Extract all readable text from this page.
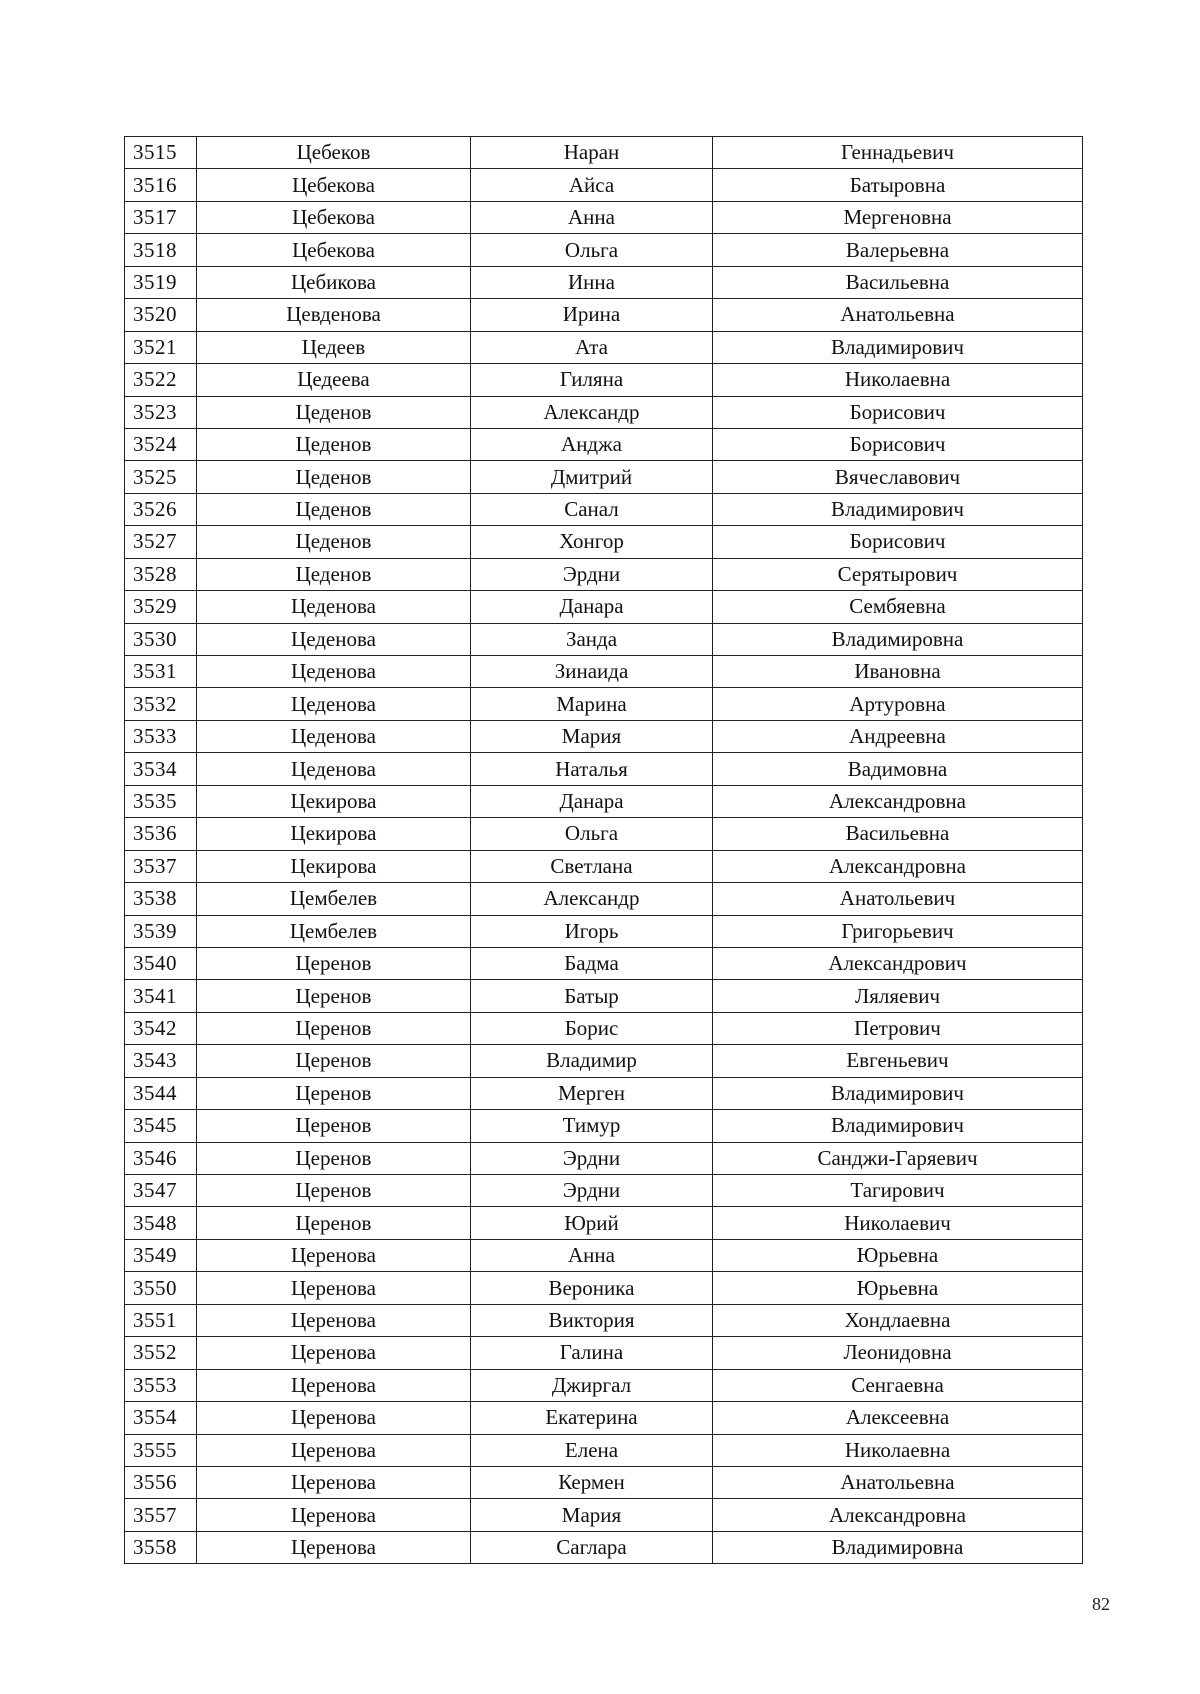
3515	Цебеков	Наран	Геннадьевич
3516	Цебекова	Айса	Батыровна
3517	Цебекова	Анна	Мергеновна
3518	Цебекова	Ольга	Валерьевна
3519	Цебикова	Инна	Васильевна
3520	Цевденова	Ирина	Анатольевна
3521	Цедеев	Ата	Владимирович
3522	Цедеева	Гиляна	Николаевна
3523	Цеденов	Александр	Борисович
3524	Цеденов	Анджа	Борисович
3525	Цеденов	Дмитрий	Вячеславович
3526	Цеденов	Санал	Владимирович
3527	Цеденов	Хонгор	Борисович
3528	Цеденов	Эрдни	Серятырович
3529	Цеденова	Данара	Сембяевна
3530	Цеденова	Занда	Владимировна
3531	Цеденова	Зинаида	Ивановна
3532	Цеденова	Марина	Артуровна
3533	Цеденова	Мария	Андреевна
3534	Цеденова	Наталья	Вадимовна
3535	Цекирова	Данара	Александровна
3536	Цекирова	Ольга	Васильевна
3537	Цекирова	Светлана	Александровна
3538	Цембелев	Александр	Анатольевич
3539	Цембелев	Игорь	Григорьевич
3540	Церенов	Бадма	Александрович
3541	Церенов	Батыр	Ляляевич
3542	Церенов	Борис	Петрович
3543	Церенов	Владимир	Евгеньевич
3544	Церенов	Мерген	Владимирович
3545	Церенов	Тимур	Владимирович
3546	Церенов	Эрдни	Санджи-Гаряевич
3547	Церенов	Эрдни	Тагирович
3548	Церенов	Юрий	Николаевич
3549	Церенова	Анна	Юрьевна
3550	Церенова	Вероника	Юрьевна
3551	Церенова	Виктория	Хондлаевна
3552	Церенова	Галина	Леонидовна
3553	Церенова	Джиргал	Сенгаевна
3554	Церенова	Екатерина	Алексеевна
3555	Церенова	Елена	Николаевна
3556	Церенова	Кермен	Анатольевна
3557	Церенова	Мария	Александровна
3558	Церенова	Саглара	Владимировна
82
